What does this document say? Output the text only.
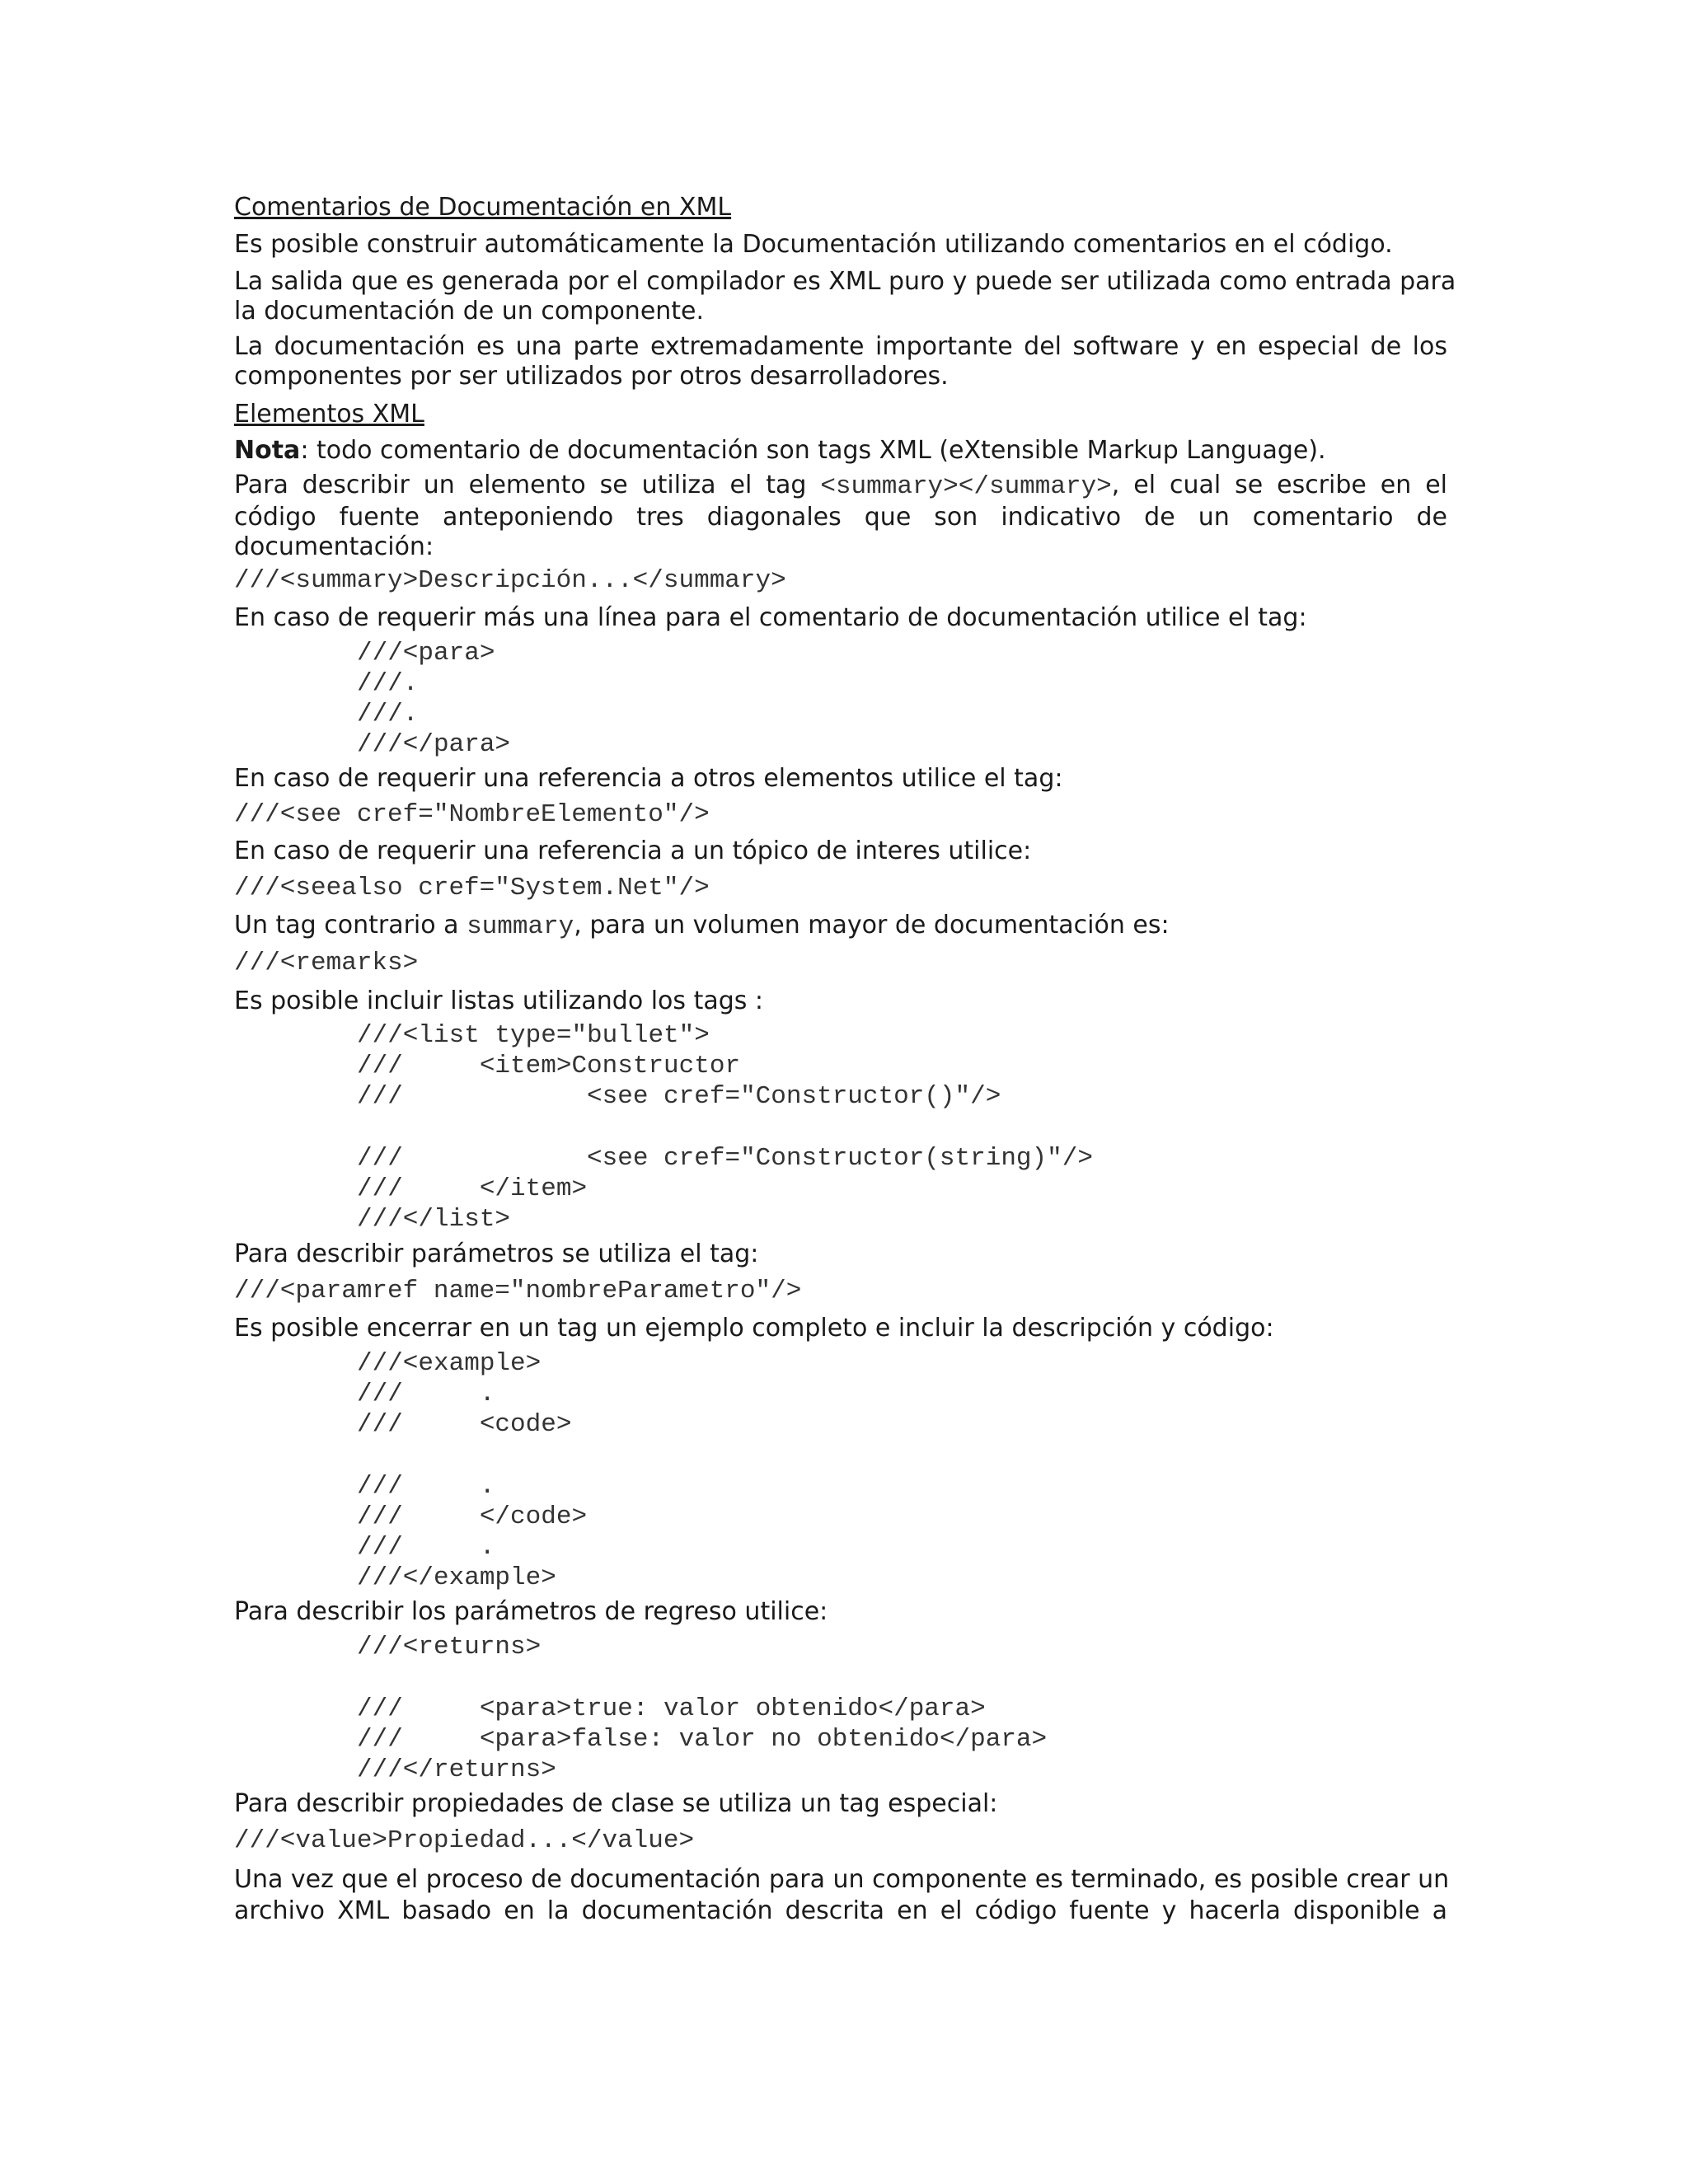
Comentarios de Documentación en XML

Es posible construir automáticamente la Documentación utilizando comentarios en el código.

La salida que es generada por el compilador es XML puro y puede ser utilizada como entrada para

la documentación de un componente.

La documentación es una parte extremadamente importante del software y en especial de los

componentes por ser utilizados por otros desarrolladores.

Elementos XML

Nota: todo comentario de documentación son tags XML (eXtensible Markup Language).

Para describir un elemento se utiliza el tag <summary></summary>, el cual se escribe en el

código fuente anteponiendo tres diagonales que son indicativo de un comentario de

documentación:

///<summary>Descripción...</summary>

En caso de requerir más una línea para el comentario de documentación utilice el tag:

///<para>

///.

///.

///</para>

En caso de requerir una referencia a otros elementos utilice el tag:

///<see cref="NombreElemento"/>

En caso de requerir una referencia a un tópico de interes utilice:

///<seealso cref="System.Net"/>

Un tag contrario a summary, para un volumen mayor de documentación es:

///<remarks>

Es posible incluir listas utilizando los tags :

///<list type="bullet">

///     <item>Constructor

///            <see cref="Constructor()"/>

///            <see cref="Constructor(string)"/>

///     </item>

///</list>

Para describir parámetros se utiliza el tag:

///<paramref name="nombreParametro"/>

Es posible encerrar en un tag un ejemplo completo e incluir la descripción y código:

///<example>

///     .

///     <code>

///     .

///     </code>

///     .

///</example>

Para describir los parámetros de regreso utilice:

///<returns>

///     <para>true: valor obtenido</para>

///     <para>false: valor no obtenido</para>

///</returns>

Para describir propiedades de clase se utiliza un tag especial:

///<value>Propiedad...</value>

Una vez que el proceso de documentación para un componente es terminado, es posible crear un

archivo XML basado en la documentación descrita en el código fuente y hacerla disponible a
